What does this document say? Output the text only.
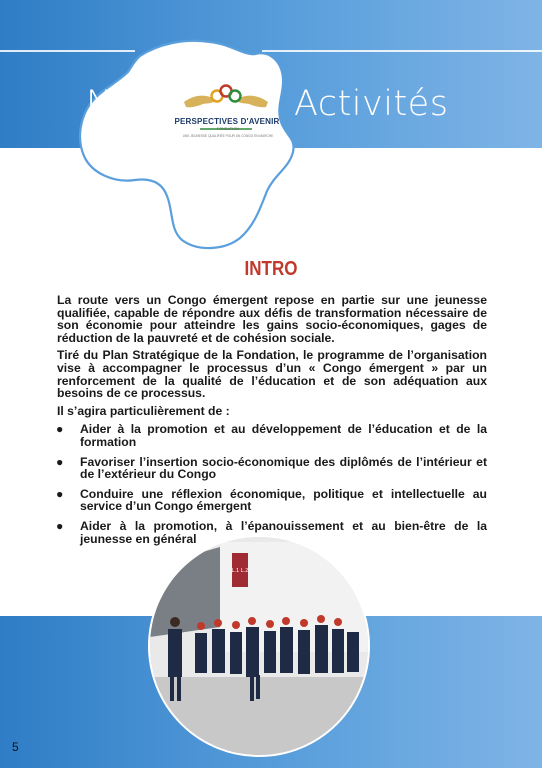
Nos	Activités
PERSPECTIVES D'AVENIR
FONDATION
UNE JEUNESSE QUALIFIÉE POUR UN CONGO EN MARCHE
INTRO

La route vers un Congo émergent repose en partie sur une jeunesse qualifiée, capable de répondre aux défis de transformation nécessaire de son économie pour atteindre les gains socio-économiques, gages de réduction de la pauvreté et de cohésion sociale.

Tiré du Plan Stratégique de la Fondation, le programme de l’organisation vise à accompagner le processus d’un « Congo émergent » par un renforcement de la qualité de l’éducation et de son adéquation aux besoins de ce processus.

Il s’agira particulièrement de :

● Aider à la promotion et au développement de l’éducation et de la formation
● Favoriser l’insertion socio-économique des diplômés de l’intérieur et de l’extérieur du Congo
● Conduire une réflexion économique, politique et intellectuelle au service d’un Congo émergent
● Aider à la promotion, à l’épanouissement et au bien-être de la jeunesse en général
L.1 L.2
5
